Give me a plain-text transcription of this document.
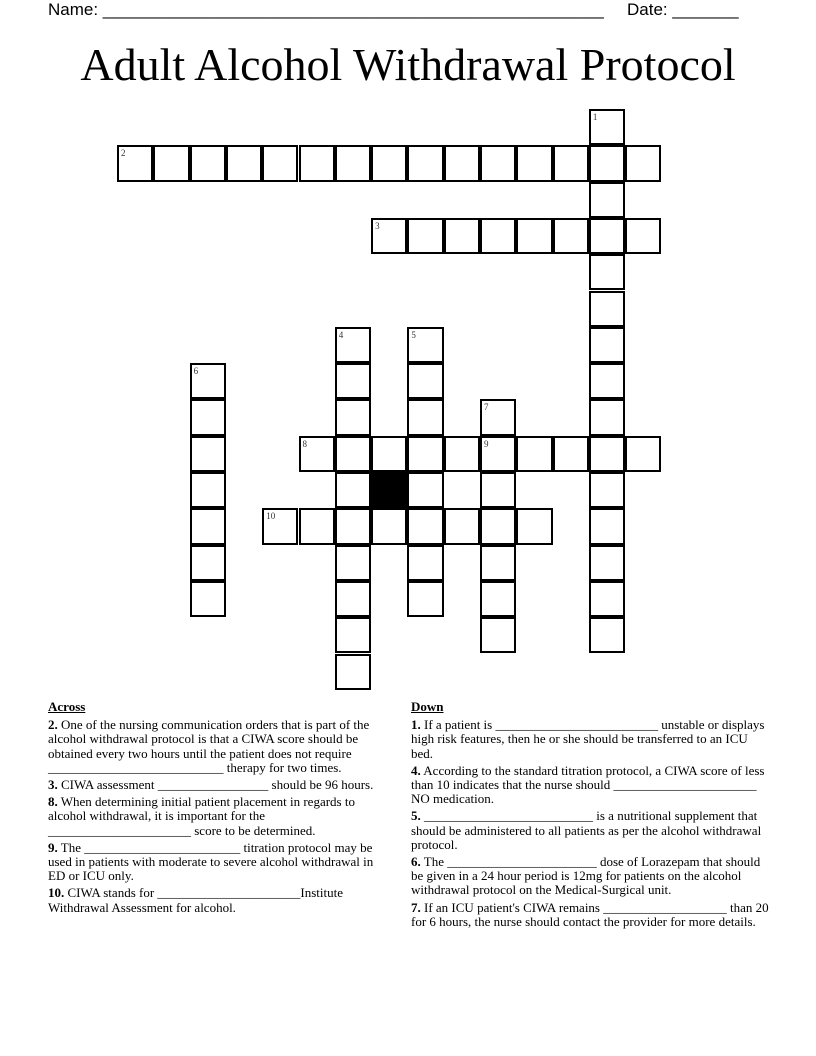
Name: _____________________________________________________ Date: _______
Adult Alcohol Withdrawal Protocol
2
3
8	9
10
1
4	5
6
7
Across
2. One of the nursing communication orders that is part of the alcohol withdrawal protocol is that a CIWA score should be obtained every two hours until the patient does not require ___________________________ therapy for two times.
3. CIWA assessment _________________ should be 96 hours.
8. When determining initial patient placement in regards to alcohol withdrawal, it is important for the ______________________ score to be determined.
9. The ________________________ titration protocol may be used in patients with moderate to severe alcohol withdrawal in ED or ICU only.
10. CIWA stands for ______________________Institute Withdrawal Assessment for alcohol.
Down
1. If a patient is _________________________ unstable or displays high risk features, then he or she should be transferred to an ICU bed.
4. According to the standard titration protocol, a CIWA score of less than 10 indicates that the nurse should ______________________ NO medication.
5. __________________________ is a nutritional supplement that should be administered to all patients as per the alcohol withdrawal protocol.
6. The _______________________ dose of Lorazepam that should be given in a 24 hour period is 12mg for patients on the alcohol withdrawal protocol on the Medical-Surgical unit.
7. If an ICU patient's CIWA remains ___________________ than 20 for 6 hours, the nurse should contact the provider for more details.
